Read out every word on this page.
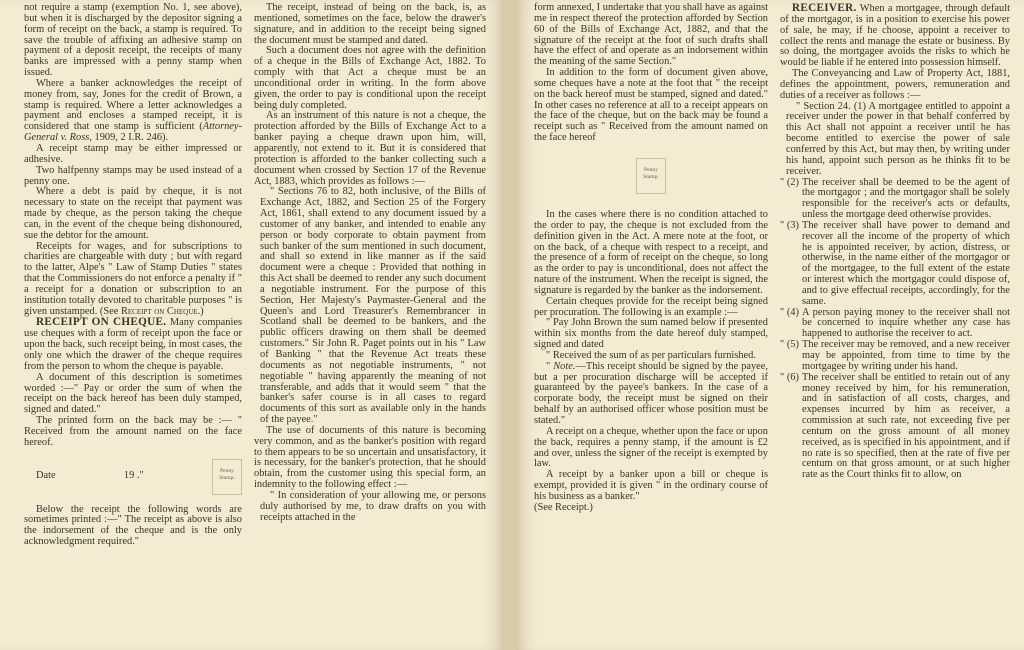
not require a stamp (exemption No. 1, see above), but when it is discharged by the depositor signing a form of receipt on the back, a stamp is required. To save the trouble of affixing an adhesive stamp on payment of a deposit receipt, the receipts of many banks are impressed with a penny stamp when issued.

Where a banker acknowledges the receipt of money from, say, Jones for the credit of Brown, a stamp is required. Where a letter acknowledges a payment and encloses a stamped receipt, it is considered that one stamp is sufficient (Attorney-General v. Ross, 1909, 2 I.R. 246).

A receipt stamp may be either impressed or adhesive.

Two halfpenny stamps may be used instead of a penny one.

Where a debt is paid by cheque, it is not necessary to state on the receipt that payment was made by cheque, as the person taking the cheque can, in the event of the cheque being dishonoured, sue the debtor for the amount.

Receipts for wages, and for subscriptions to charities are chargeable with duty ; but with regard to the latter, Alpe's " Law of Stamp Duties " states that the Commissioners do not enforce a penalty if " a receipt for a donation or subscription to an institution totally devoted to charitable purposes " is given unstamped. (See Receipt on Cheque.)

RECEIPT ON CHEQUE. Many companies use cheques with a form of receipt upon the face or upon the back, such receipt being, in most cases, the only one which the drawer of the cheque requires from the person to whom the cheque is payable.

A document of this description is sometimes worded :—" Pay or order the sum of when the receipt on the back hereof has been duly stamped, signed and dated."

The printed form on the back may be :— " Received from the amount named on the face hereof.

Date	19 ."	Penny Stamp.

Below the receipt the following words are sometimes printed :—" The receipt as above is also the indorsement of the cheque and is the only acknowledgment required."

The receipt, instead of being on the back, is, as mentioned, sometimes on the face, below the drawer's signature, and in addition to the receipt being signed the document must be stamped and dated.

Such a document does not agree with the definition of a cheque in the Bills of Exchange Act, 1882. To comply with that Act a cheque must be an unconditional order in writing. In the form above given, the order to pay is conditional upon the receipt being duly completed.

As an instrument of this nature is not a cheque, the protection afforded by the Bills of Exchange Act to a banker paying a cheque drawn upon him, will, apparently, not extend to it. But it is considered that protection is afforded to the banker collecting such a document when crossed by Section 17 of the Revenue Act, 1883, which provides as follows :—

" Sections 76 to 82, both inclusive, of the Bills of Exchange Act, 1882, and Section 25 of the Forgery Act, 1861, shall extend to any document issued by a customer of any banker, and intended to enable any person or body corporate to obtain payment from such banker of the sum mentioned in such document, and shall so extend in like manner as if the said document were a cheque : Provided that nothing in this Act shall be deemed to render any such document a negotiable instrument. For the purpose of this Section, Her Majesty's Paymaster-General and the Queen's and Lord Treasurer's Remembrancer in Scotland shall be deemed to be bankers, and the public officers drawing on them shall be deemed customers." Sir John R. Paget points out in his " Law of Banking " that the Revenue Act treats these documents as not negotiable instruments, " not negotiable " having apparently the meaning of not transferable, and adds that it would seem " that the banker's safer course is in all cases to regard documents of this sort as available only in the hands of the payee."

The use of documents of this nature is becoming very common, and as the banker's position with regard to them appears to be so uncertain and unsatisfactory, it is necessary, for the banker's protection, that he should obtain, from the customer using this special form, an indemnity to the following effect :—

" In consideration of your allowing me, or persons duly authorised by me, to draw drafts on you with receipts attached in the

form annexed, I undertake that you shall have as against me in respect thereof the protection afforded by Section 60 of the Bills of Exchange Act, 1882, and that the signature of the receipt at the foot of such drafts shall have the effect of and operate as an indorsement within the meaning of the same Section."

In addition to the form of document given above, some cheques have a note at the foot that " the receipt on the back hereof must be stamped, signed and dated." In other cases no reference at all to a receipt appears on the face of the cheque, but on the back may be found a receipt such as " Received from the amount named on the face hereof

Penny Stamp.

In the cases where there is no condition attached to the order to pay, the cheque is not excluded from the definition given in the Act. A mere note at the foot, or on the back, of a cheque with respect to a receipt, and the presence of a form of receipt on the cheque, so long as the order to pay is unconditional, does not affect the nature of the instrument. When the receipt is signed, the signature is regarded by the banker as the indorsement.

Certain cheques provide for the receipt being signed per procuration. The following is an example :—

" Pay John Brown the sum named below if presented within six months from the date hereof duly stamped, signed and dated

" Received the sum of as per particulars furnished.

" Note.—This receipt should be signed by the payee, but a per procuration discharge will be accepted if guaranteed by the payee's bankers. In the case of a corporate body, the receipt must be signed on their behalf by an authorised officer whose position must be stated."

A receipt on a cheque, whether upon the face or upon the back, requires a penny stamp, if the amount is £2 and over, unless the signer of the receipt is exempted by law.

A receipt by a banker upon a bill or cheque is exempt, provided it is given " in the ordinary course of his business as a banker."

(See Receipt.)

RECEIVER. When a mortgagee, through default of the mortgagor, is in a position to exercise his power of sale, he may, if he choose, appoint a receiver to collect the rents and manage the estate or business. By so doing, the mortgagee avoids the risks to which he would be liable if he entered into possession himself.

The Conveyancing and Law of Property Act, 1881, defines the appointment, powers, remuneration and duties of a receiver as follows :—

" Section 24. (1) A mortgagee entitled to appoint a receiver under the power in that behalf conferred by this Act shall not appoint a receiver until he has become entitled to exercise the power of sale conferred by this Act, but may then, by writing under his hand, appoint such person as he thinks fit to be receiver.

" (2) The receiver shall be deemed to be the agent of the mortgagor ; and the mortgagor shall be solely responsible for the receiver's acts or defaults, unless the mortgage deed otherwise provides.
" (3) The receiver shall have power to demand and recover all the income of the property of which he is appointed receiver, by action, distress, or otherwise, in the name either of the mortgagor or of the mortgagee, to the full extent of the estate or interest which the mortgagor could dispose of, and to give effectual receipts, accordingly, for the same.
" (4) A person paying money to the receiver shall not be concerned to inquire whether any case has happened to authorise the receiver to act.
" (5) The receiver may be removed, and a new receiver may be appointed, from time to time by the mortgagee by writing under his hand.
" (6) The receiver shall be entitled to retain out of any money received by him, for his remuneration, and in satisfaction of all costs, charges, and expenses incurred by him as receiver, a commission at such rate, not exceeding five per centum on the gross amount of all money received, as is specified in his appointment, and if no rate is so specified, then at the rate of five per centum on that gross amount, or at such higher rate as the Court thinks fit to allow, on
